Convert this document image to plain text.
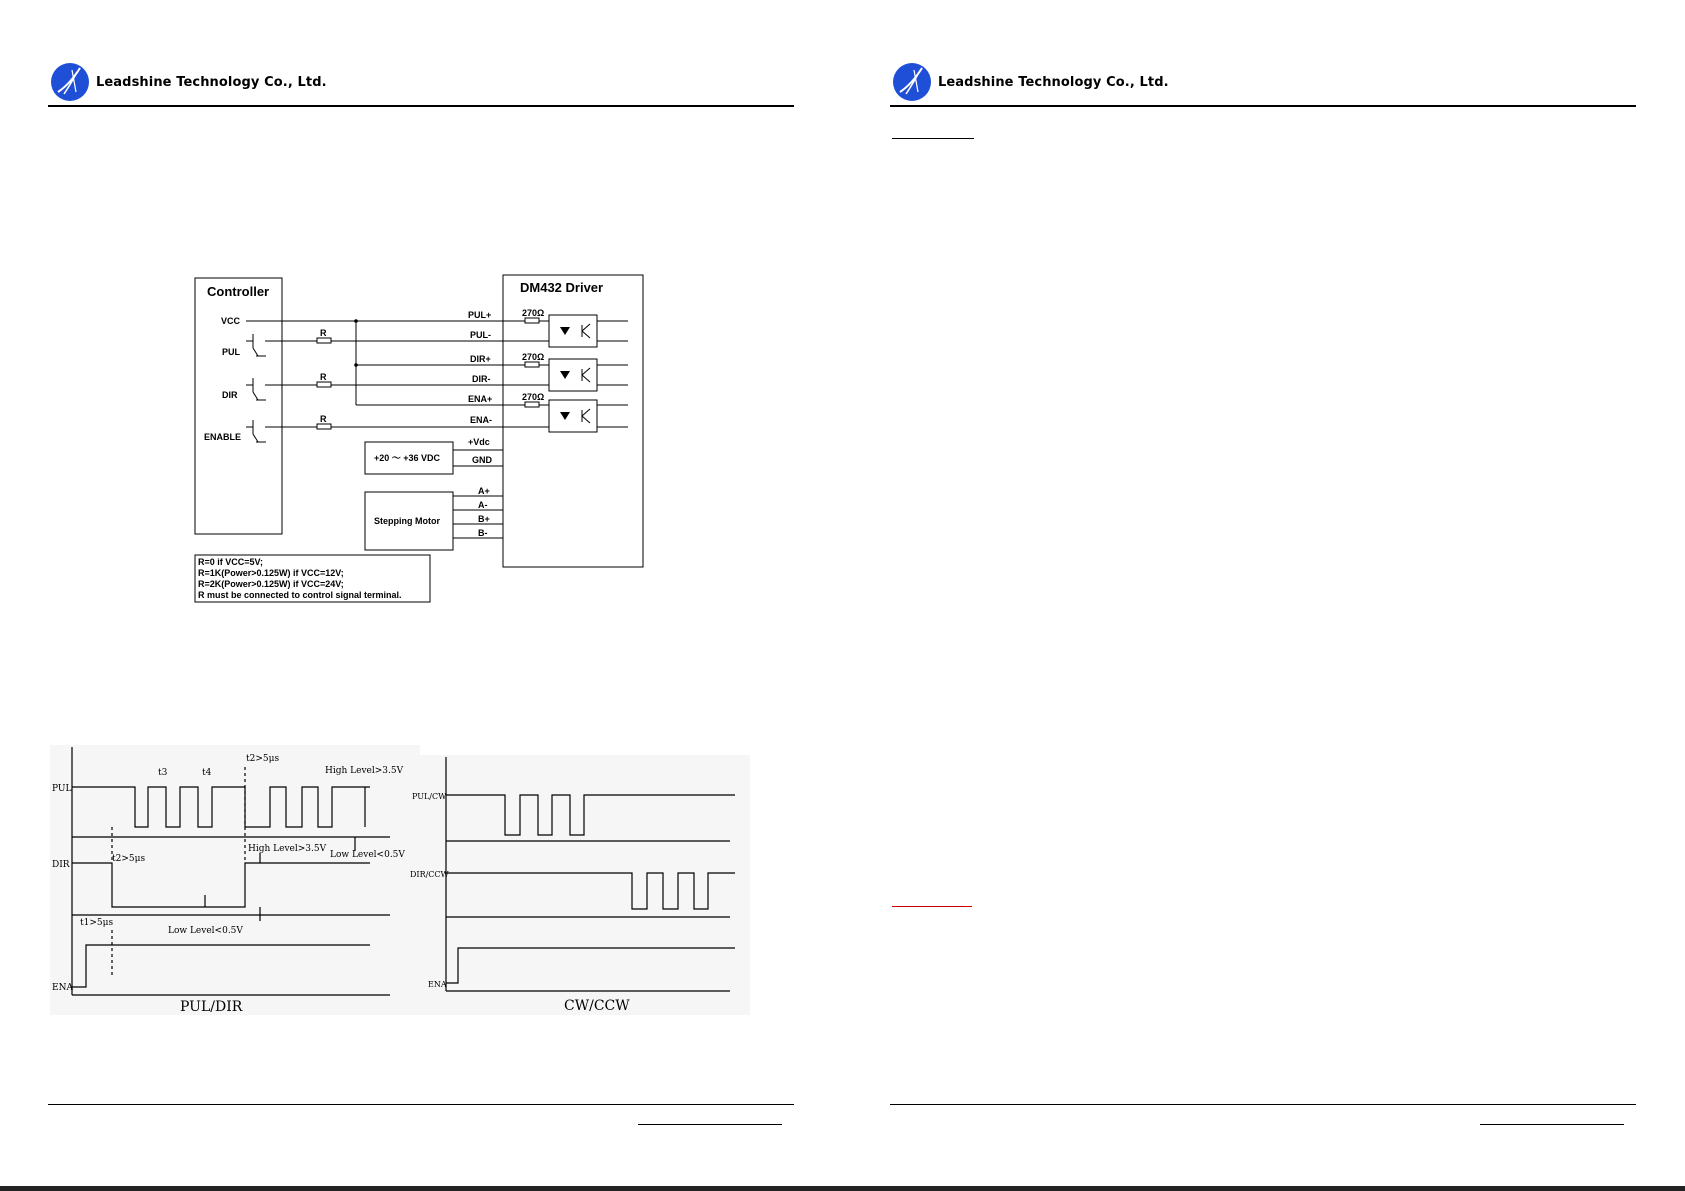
Leadshine Technology Co., Ltd.
Controller	DM432 Driver
VCC
PUL
DIR
ENABLE
R
R
R
270Ω
270Ω
270Ω
PUL+
PUL-
DIR+
DIR-
ENA+
ENA-
+Vdc
GND
+20 ～ +36 VDC
Stepping Motor
A+
A-
B+
B-
R=0 if VCC=5V;
R=1K(Power>0.125W) if VCC=12V;
R=2K(Power>0.125W) if VCC=24V;
R must be connected to control signal terminal.
PUL
DIR
ENA
High Level>3.5V
High Level>3.5V
Low Level<0.5V
Low Level<0.5V
t2>5μs
t2>5μs
t1>5μs
t3	t4
PUL/DIR
PUL/CW
DIR/CCW
ENA
CW/CCW
Leadshine Technology Co., Ltd.
